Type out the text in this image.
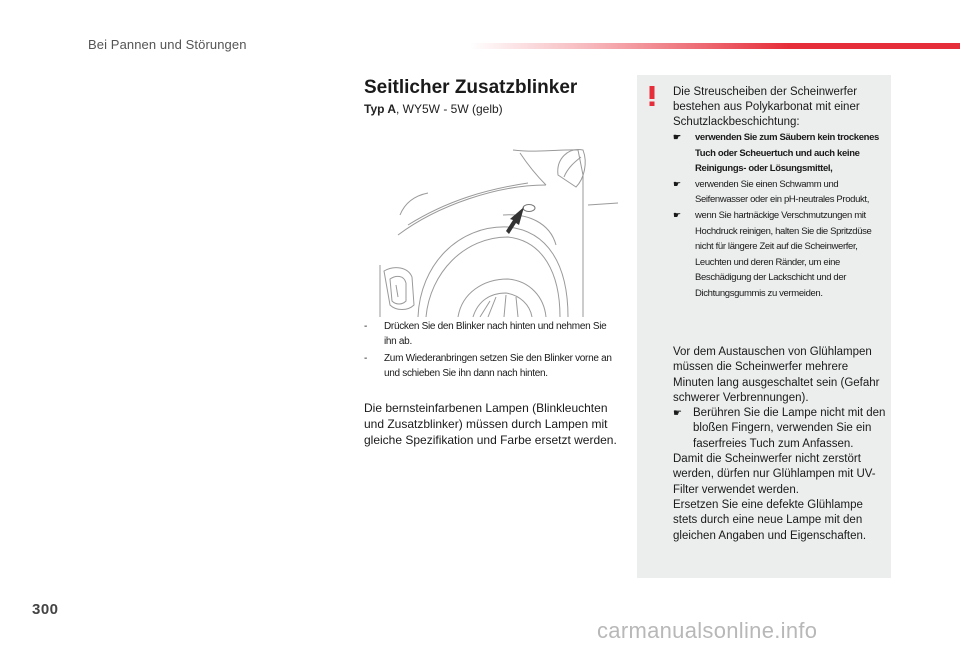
Bei Pannen und Störungen
Seitlicher Zusatzblinker
Typ A, WY5W - 5W (gelb)
- Drücken Sie den Blinker nach hinten und nehmen Sie ihn ab.
- Zum Wiederanbringen setzen Sie den Blinker vorne an und schieben Sie ihn dann nach hinten.

Die bernsteinfarbenen Lampen (Blinkleuchten und Zusatzblinker) müssen durch Lampen mit gleiche Spezifikation und Farbe ersetzt werden.

Die Streuscheiben der Scheinwerfer bestehen aus Polykarbonat mit einer Schutzlackbeschichtung:

☛ verwenden Sie zum Säubern kein trockenes Tuch oder Scheuertuch und auch keine Reinigungs- oder Lösungsmittel,
☛ verwenden Sie einen Schwamm und Seifenwasser oder ein pH-neutrales Produkt,
☛ wenn Sie hartnäckige Verschmutzungen mit Hochdruck reinigen, halten Sie die Spritzdüse nicht für längere Zeit auf die Scheinwerfer, Leuchten und deren Ränder, um eine Beschädigung der Lackschicht und der Dichtungsgummis zu vermeiden.
Vor dem Austauschen von Glühlampen müssen die Scheinwerfer mehrere Minuten lang ausgeschaltet sein (Gefahr schwerer Verbrennungen).
☛ Berühren Sie die Lampe nicht mit den bloßen Fingern, verwenden Sie ein faserfreies Tuch zum Anfassen.
Damit die Scheinwerfer nicht zerstört werden, dürfen nur Glühlampen mit UV-Filter verwendet werden.
Ersetzen Sie eine defekte Glühlampe stets durch eine neue Lampe mit den gleichen Angaben und Eigenschaften.
300
carmanualsonline.info
